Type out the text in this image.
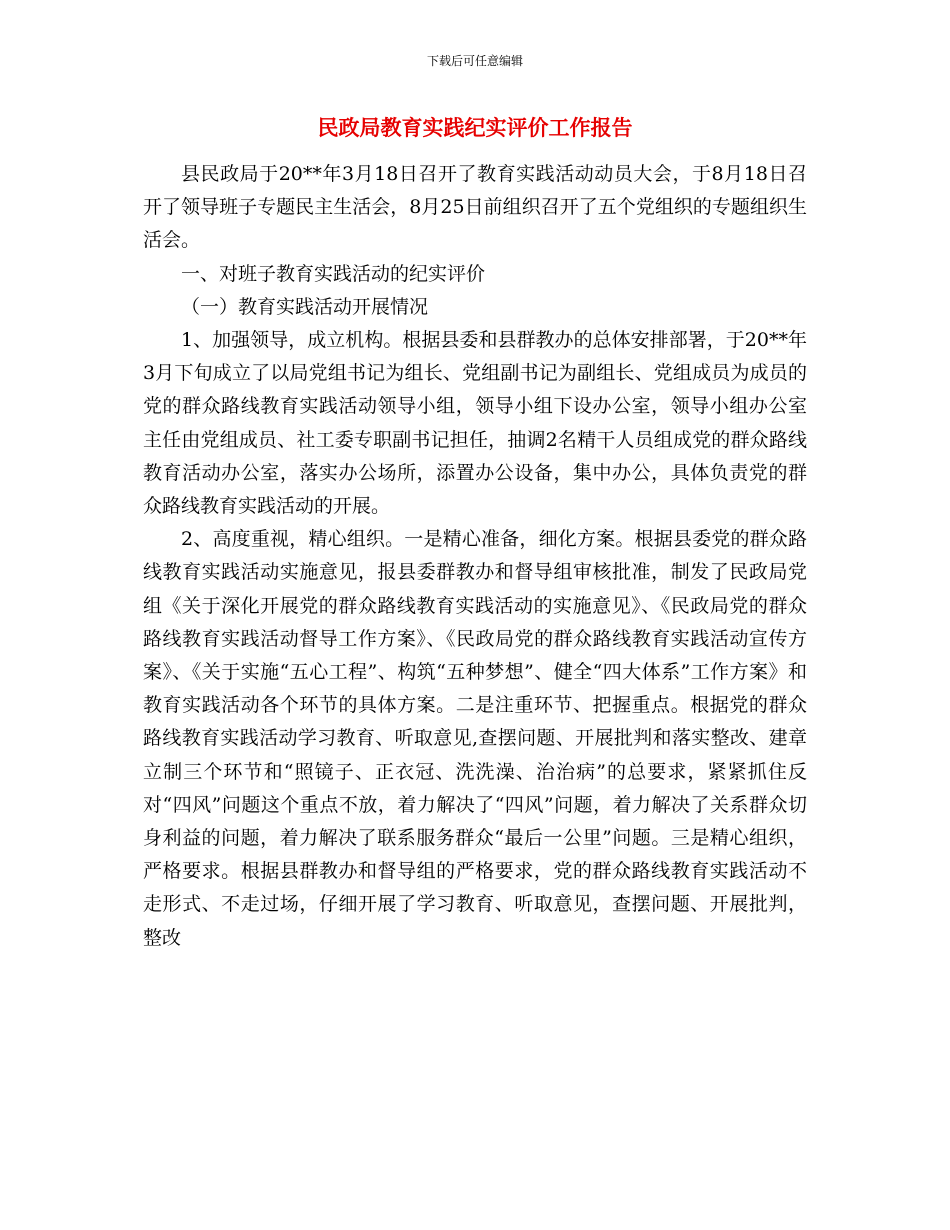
下载后可任意编辑
民政局教育实践纪实评价工作报告

县民政局于20**年3月18日召开了教育实践活动动员大会，于8月18日召开了领导班子专题民主生活会，8月25日前组织召开了五个党组织的专题组织生活会。

一、对班子教育实践活动的纪实评价

（一）教育实践活动开展情况

1、加强领导，成立机构。根据县委和县群教办的总体安排部署，于20**年3月下旬成立了以局党组书记为组长、党组副书记为副组长、党组成员为成员的党的群众路线教育实践活动领导小组，领导小组下设办公室，领导小组办公室主任由党组成员、社工委专职副书记担任，抽调2名精干人员组成党的群众路线教育活动办公室，落实办公场所，添置办公设备，集中办公，具体负责党的群众路线教育实践活动的开展。

2、高度重视，精心组织。一是精心准备，细化方案。根据县委党的群众路线教育实践活动实施意见，报县委群教办和督导组审核批准，制发了民政局党组《关于深化开展党的群众路线教育实践活动的实施意见》、《民政局党的群众路线教育实践活动督导工作方案》、《民政局党的群众路线教育实践活动宣传方案》、《关于实施“五心工程”、构筑“五种梦想”、健全“四大体系”工作方案》和教育实践活动各个环节的具体方案。二是注重环节、把握重点。根据党的群众路线教育实践活动学习教育、听取意见,查摆问题、开展批判和落实整改、建章立制三个环节和“照镜子、正衣冠、洗洗澡、治治病”的总要求，紧紧抓住反对“四风”问题这个重点不放，着力解决了“四风”问题，着力解决了关系群众切身利益的问题，着力解决了联系服务群众“最后一公里”问题。三是精心组织，严格要求。根据县群教办和督导组的严格要求，党的群众路线教育实践活动不走形式、不走过场，仔细开展了学习教育、听取意见，查摆问题、开展批判，整改
